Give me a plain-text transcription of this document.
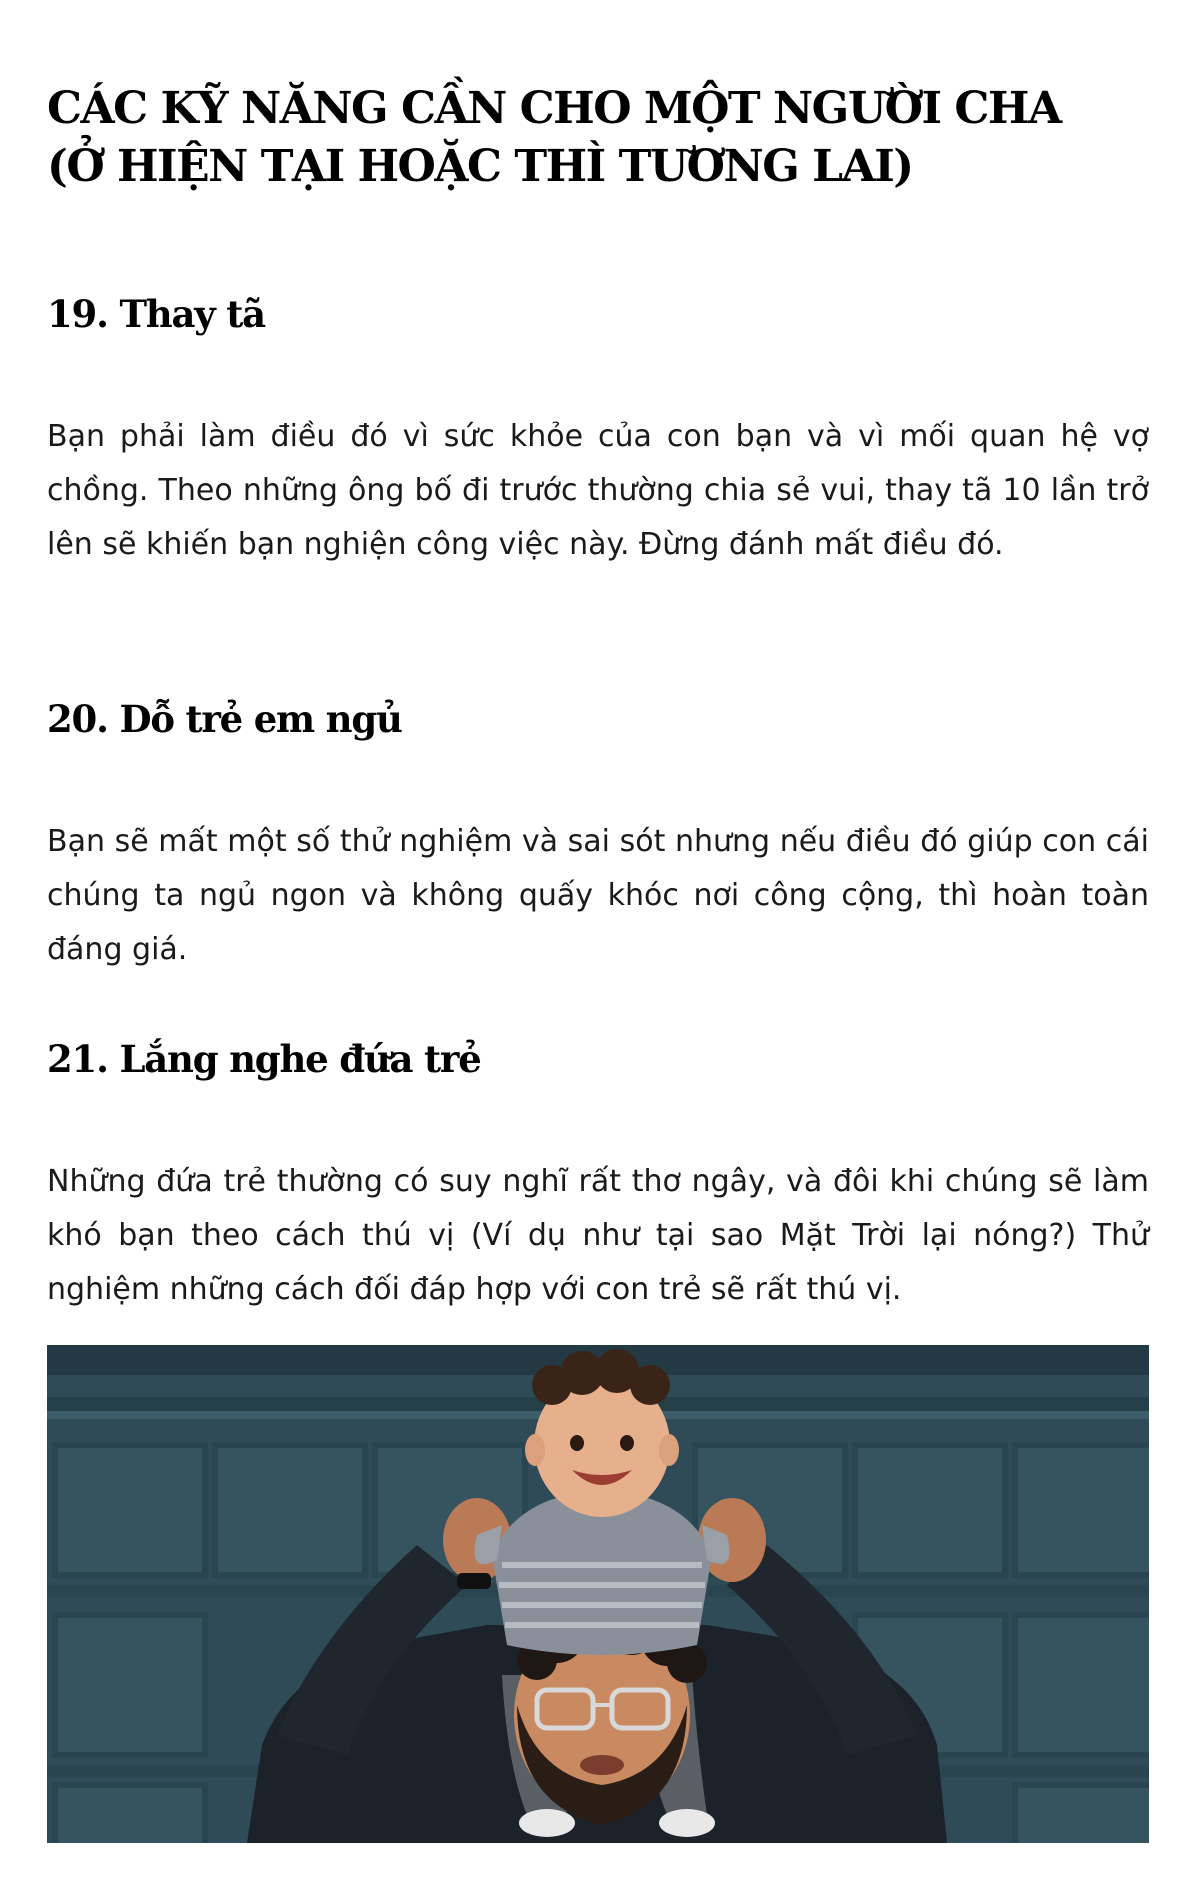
CÁC KỸ NĂNG CẦN CHO MỘT NGƯỜI CHA
(Ở HIỆN TẠI HOẶC THÌ TƯƠNG LAI)
19. Thay tã

Bạn phải làm điều đó vì sức khỏe của con bạn và vì mối quan hệ vợ chồng. Theo những ông bố đi trước thường chia sẻ vui, thay tã 10 lần trở lên sẽ khiến bạn nghiện công việc này. Đừng đánh mất điều đó.

20. Dỗ trẻ em ngủ

Bạn sẽ mất một số thử nghiệm và sai sót nhưng nếu điều đó giúp con cái chúng ta ngủ ngon và không quấy khóc nơi công cộng, thì hoàn toàn đáng giá.

21. Lắng nghe đứa trẻ

Những đứa trẻ thường có suy nghĩ rất thơ ngây, và đôi khi chúng sẽ làm khó bạn theo cách thú vị (Ví dụ như tại sao Mặt Trời lại nóng?) Thử nghiệm những cách đối đáp hợp với con trẻ sẽ rất thú vị.
